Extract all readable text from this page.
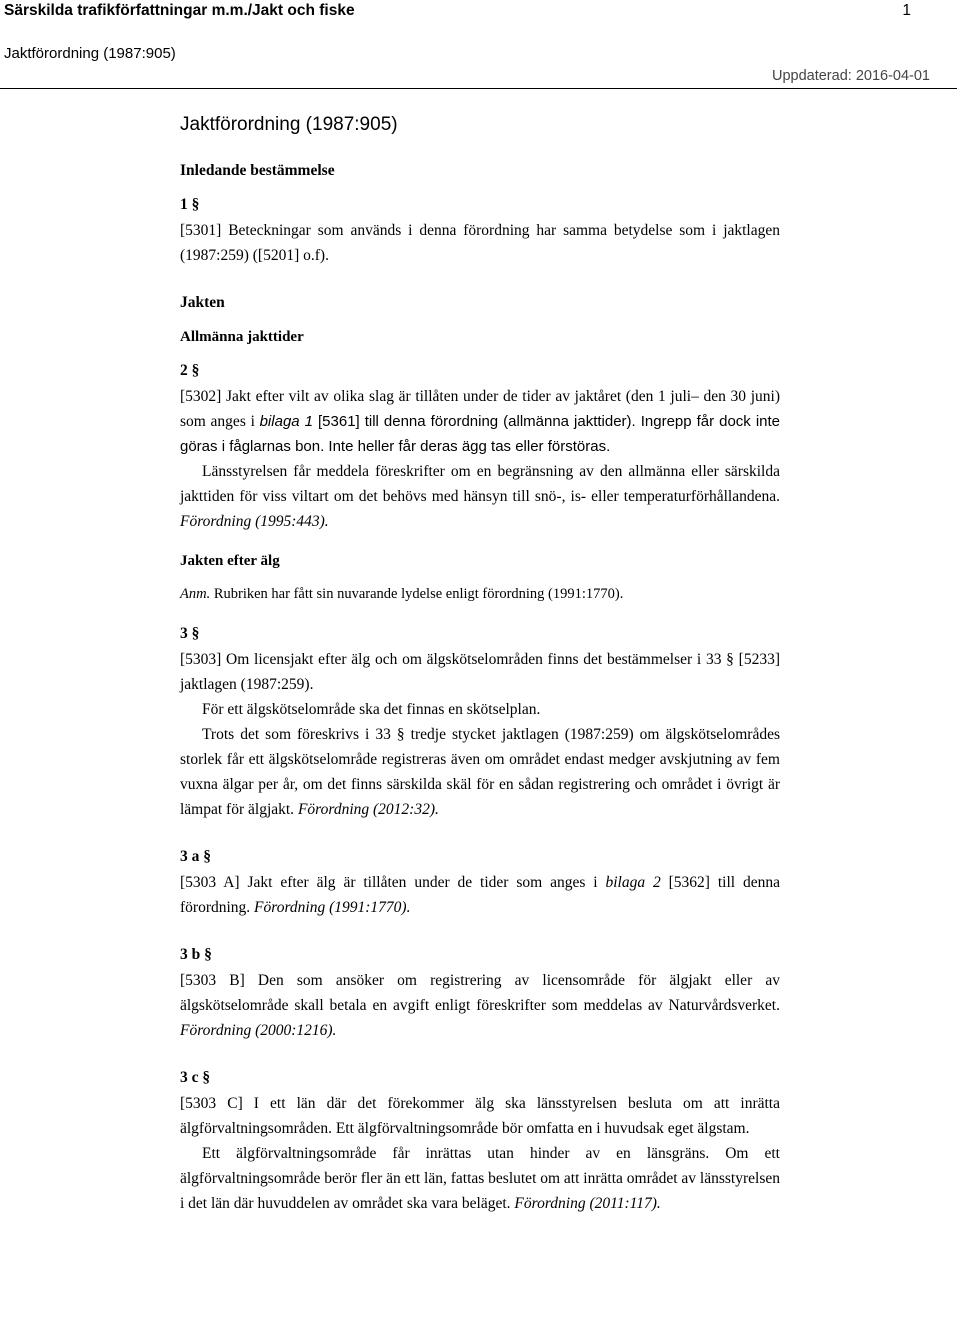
Särskilda trafikförfattningar m.m./Jakt och fiske	1
Jaktförordning (1987:905)
Uppdaterad: 2016-04-01
Jaktförordning (1987:905)
Inledande bestämmelse
1 §

[5301] Beteckningar som används i denna förordning har samma betydelse som i jaktlagen (1987:259) ([5201] o.f).

Jakten
Allmänna jakttider
2 §

[5302] Jakt efter vilt av olika slag är tillåten under de tider av jaktåret (den 1 juli– den 30 juni) som anges i bilaga 1 [5361] till denna förordning (allmänna jakttider). Ingrepp får dock inte göras i fåglarnas bon. Inte heller får deras ägg tas eller förstöras.

Länsstyrelsen får meddela föreskrifter om en begränsning av den allmänna eller särskilda jakttiden för viss viltart om det behövs med hänsyn till snö-, is- eller temperaturförhållandena. Förordning (1995:443).

Jakten efter älg

Anm. Rubriken har fått sin nuvarande lydelse enligt förordning (1991:1770).

3 §

[5303] Om licensjakt efter älg och om älgskötselområden finns det bestämmelser i 33 § [5233] jaktlagen (1987:259).

För ett älgskötselområde ska det finnas en skötselplan.

Trots det som föreskrivs i 33 § tredje stycket jaktlagen (1987:259) om älgskötselområdes storlek får ett älgskötselområde registreras även om området endast medger avskjutning av fem vuxna älgar per år, om det finns särskilda skäl för en sådan registrering och området i övrigt är lämpat för älgjakt. Förordning (2012:32).

3 a §

[5303 A] Jakt efter älg är tillåten under de tider som anges i bilaga 2 [5362] till denna förordning. Förordning (1991:1770).

3 b §

[5303 B] Den som ansöker om registrering av licensområde för älgjakt eller av älgskötselområde skall betala en avgift enligt föreskrifter som meddelas av Naturvårdsverket. Förordning (2000:1216).

3 c §

[5303 C] I ett län där det förekommer älg ska länsstyrelsen besluta om att inrätta älgförvaltningsområden. Ett älgförvaltningsområde bör omfatta en i huvudsak eget älgstam.

Ett älgförvaltningsområde får inrättas utan hinder av en länsgräns. Om ett älgförvaltningsområde berör fler än ett län, fattas beslutet om att inrätta området av länsstyrelsen i det län där huvuddelen av området ska vara beläget. Förordning (2011:117).
